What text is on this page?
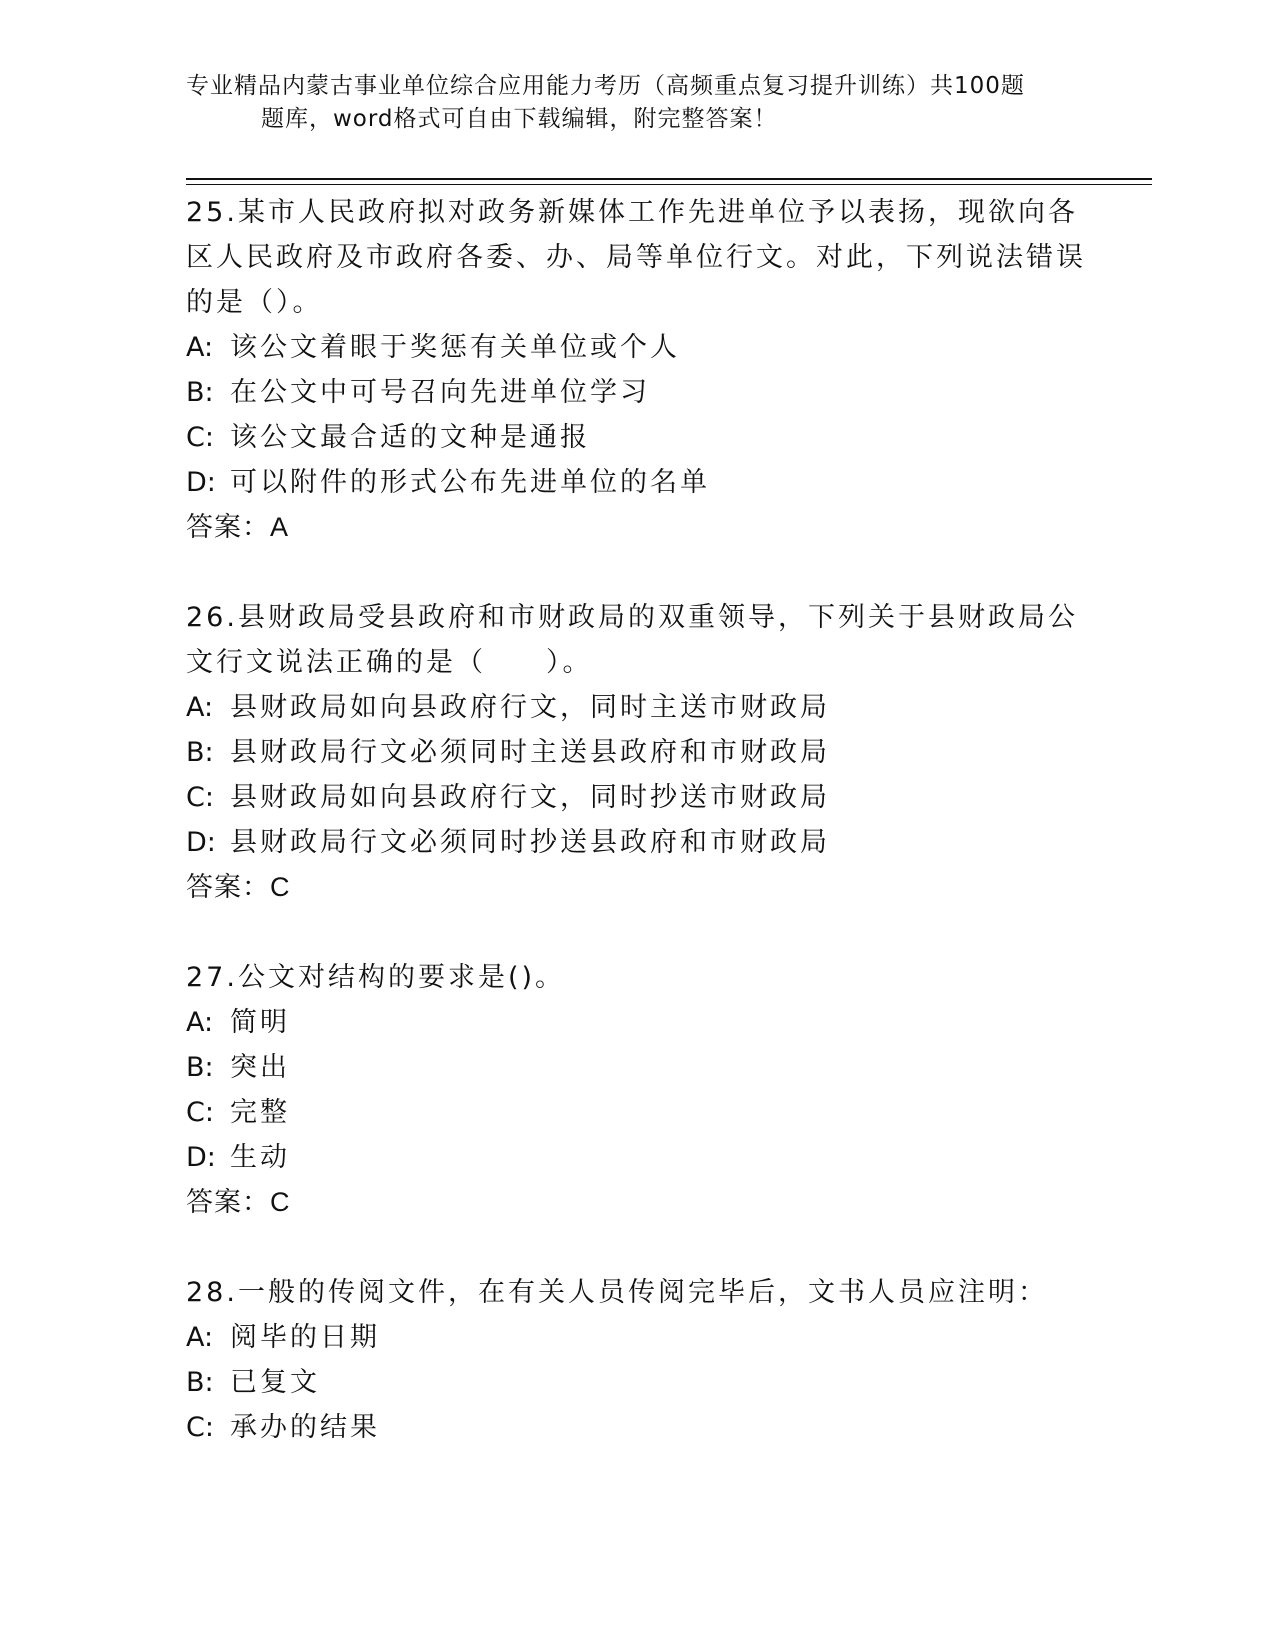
专业精品内蒙古事业单位综合应用能力考历（高频重点复习提升训练）共100题
题库，word格式可自由下载编辑，附完整答案！

25.某市人民政府拟对政务新媒体工作先进单位予以表扬，现欲向各区人民政府及市政府各委、办、局等单位行文。对此，下列说法错误的是（）。

A: 该公文着眼于奖惩有关单位或个人
B: 在公文中可号召向先进单位学习
C: 该公文最合适的文种是通报
D: 可以附件的形式公布先进单位的名单
答案：A

26.县财政局受县政府和市财政局的双重领导，下列关于县财政局公文行文说法正确的是（　　）。

A: 县财政局如向县政府行文，同时主送市财政局
B: 县财政局行文必须同时主送县政府和市财政局
C: 县财政局如向县政府行文，同时抄送市财政局
D: 县财政局行文必须同时抄送县政府和市财政局
答案：C

27.公文对结构的要求是()。

A: 简明
B: 突出
C: 完整
D: 生动
答案：C

28.一般的传阅文件，在有关人员传阅完毕后，文书人员应注明：

A: 阅毕的日期
B: 已复文
C: 承办的结果
